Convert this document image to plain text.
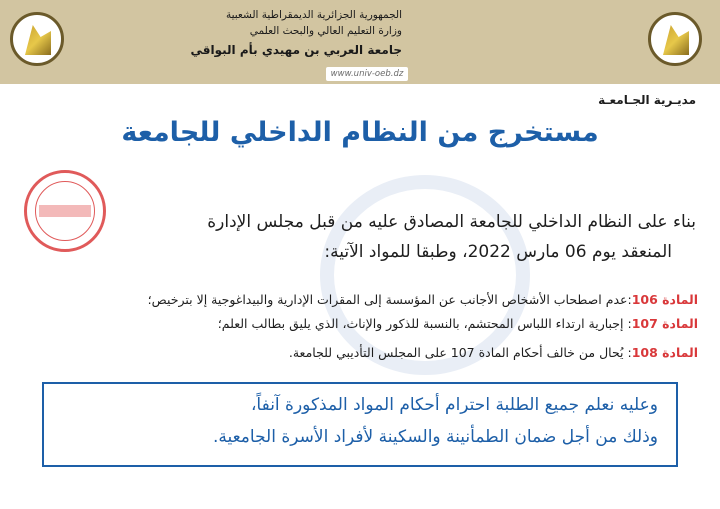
الجمهورية الجزائرية الديمقراطية الشعبية
وزارة التعليم العالي والبحث العلمي
جامعة العربي بن مهيدي بأم البواقي
www.univ-oeb.dz
مديـرية الجـامعـة
مستخرج من النظام الداخلي للجامعة
بناء على النظام الداخلي للجامعة المصادق عليه من قبل مجلس الإدارة
المنعقد يوم 06 مارس 2022، وطبقا للمواد الآتية:
المادة 106:عدم اصطحاب الأشخاص الأجانب عن المؤسسة إلى المقرات الإدارية والبيداغوجية إلا بترخيص؛
المادة 107: إجبارية ارتداء اللباس المحتشم، بالنسبة للذكور والإناث، الذي يليق بطالب العلم؛
المادة 108: يُحال من خالف أحكام المادة 107 على المجلس التأديبي للجامعة.
وعليه نعلم جميع الطلبة احترام أحكام المواد المذكورة آنفاً،
وذلك من أجل ضمان الطمأنينة والسكينة لأفراد الأسرة الجامعية.
